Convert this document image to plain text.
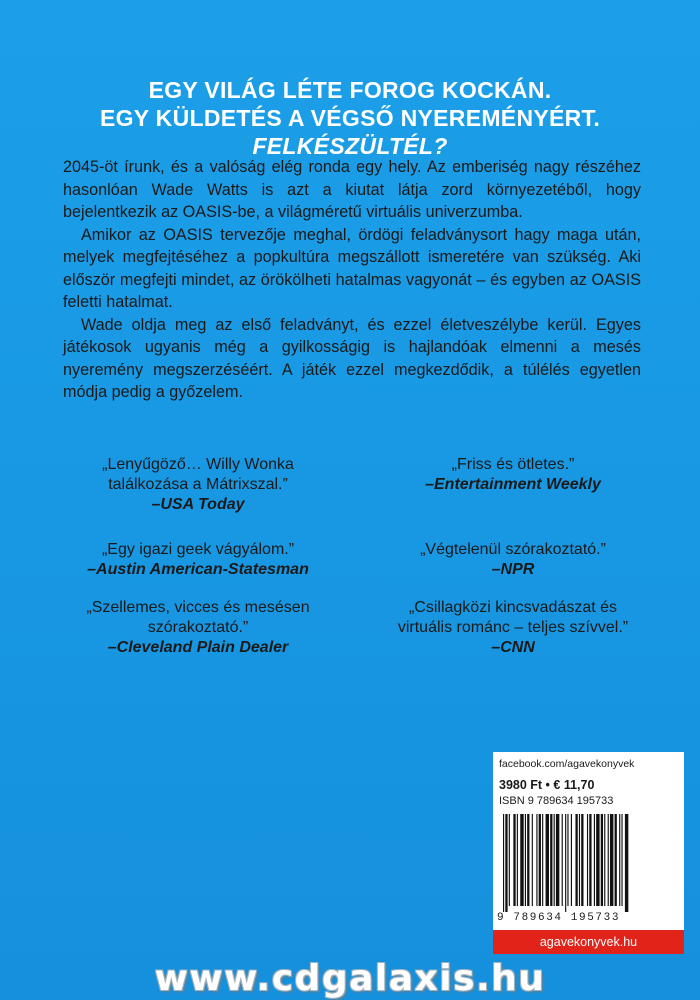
EGY VILÁG LÉTE FOROG KOCKÁN.
EGY KÜLDETÉS A VÉGSŐ NYEREMÉNYÉRT.
FELKÉSZÜLTÉL?

2045-öt írunk, és a valóság elég ronda egy hely. Az emberiség nagy részéhez hasonlóan Wade Watts is azt a kiutat látja zord környezetéből, hogy bejelentkezik az OASIS-be, a világméretű virtuális univerzumba.

Amikor az OASIS tervezője meghal, ördögi feladványsort hagy maga után, melyek megfejtéséhez a popkultúra megszállott ismeretére van szükség. Aki először megfejti mindet, az örökölheti hatalmas vagyonát – és egyben az OASIS feletti hatalmat.

Wade oldja meg az első feladványt, és ezzel életveszélybe kerül. Egyes játékosok ugyanis még a gyilkosságig is hajlandóak elmenni a mesés nyeremény megszerzéséért. A játék ezzel megkezdődik, a túlélés egyetlen módja pedig a győzelem.

„Lenyűgöző… Willy Wonka találkozása a Mátrixszal.”
–USA Today
„Friss és ötletes.”
–Entertainment Weekly
„Egy igazi geek vágyálom.”
–Austin American-Statesman
„Végtelenül szórakoztató.”
–NPR
„Szellemes, vicces és mesésen szórakoztató.”
–Cleveland Plain Dealer
„Csillagközi kincsvadászat és virtuális románc – teljes szívvel.”
–CNN
facebook.com/agavekonyvek
3980 Ft • € 11,70
ISBN 9 789634 195733
9 789634 195733
agavekonyvek.hu
www.cdgalaxis.hu
